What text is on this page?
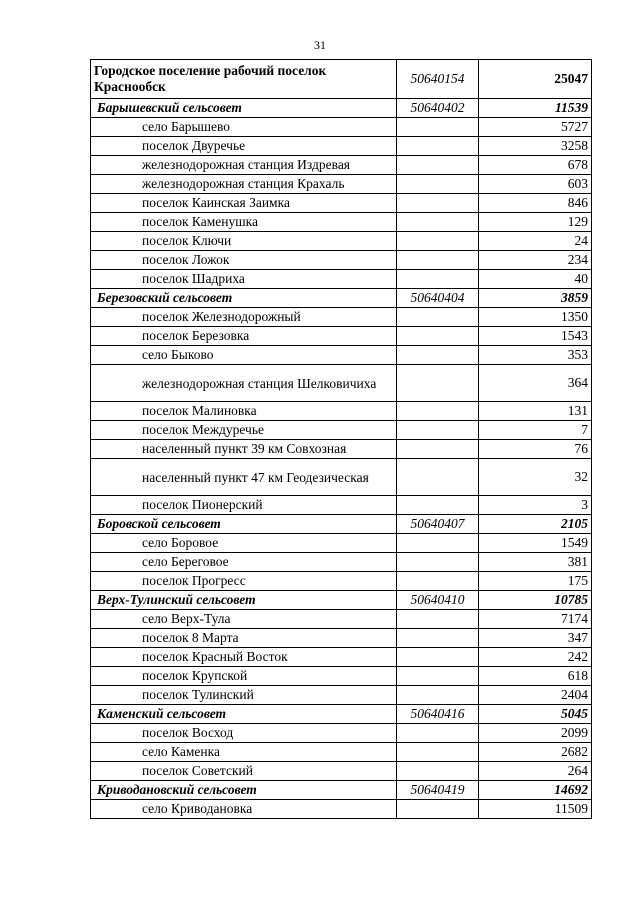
31
Городское поселение рабочий поселок Краснообск	50640154	25047
Барышевский сельсовет	50640402	11539
село Барышево		5727
поселок Двуречье		3258
железнодорожная станция Издревая		678
железнодорожная станция Крахаль		603
поселок Каинская Заимка		846
поселок Каменушка		129
поселок Ключи		24
поселок Ложок		234
поселок Шадриха		40
Березовский сельсовет	50640404	3859
поселок Железнодорожный		1350
поселок Березовка		1543
село Быково		353
железнодорожная станция Шелковичиха		364
поселок Малиновка		131
поселок Междуречье		7
населенный пункт 39 км Совхозная		76
населенный пункт 47 км Геодезическая		32
поселок Пионерский		3
Боровской сельсовет	50640407	2105
село Боровое		1549
село Береговое		381
поселок Прогресс		175
Верх-Тулинский сельсовет	50640410	10785
село Верх-Тула		7174
поселок 8 Марта		347
поселок Красный Восток		242
поселок Крупской		618
поселок Тулинский		2404
Каменский сельсовет	50640416	5045
поселок Восход		2099
село Каменка		2682
поселок Советский		264
Криводановский сельсовет	50640419	14692
село Криводановка		11509
